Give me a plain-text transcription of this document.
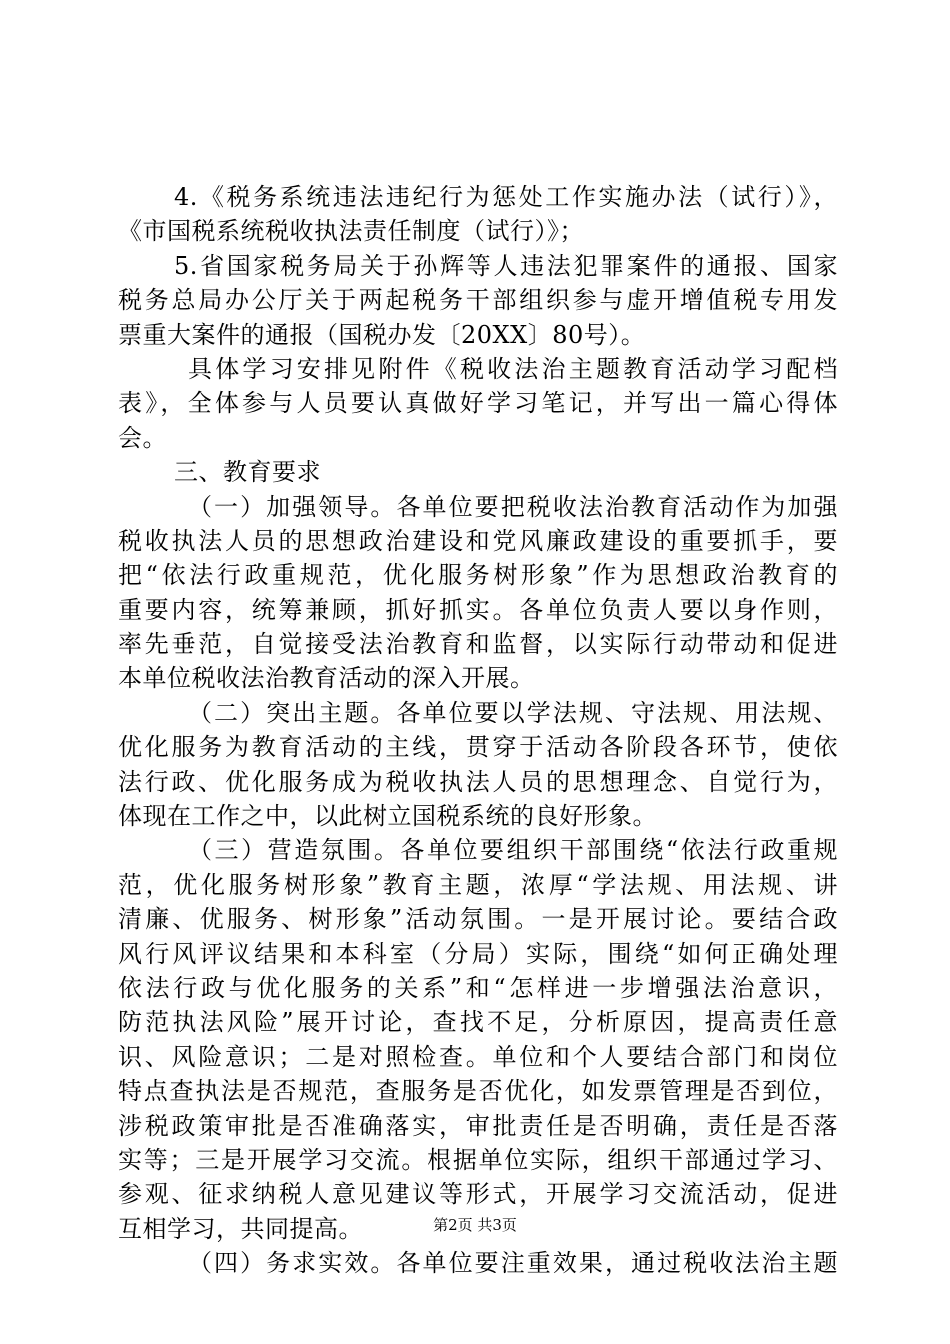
4.《税务系统违法违纪行为惩处工作实施办法（试行）》，
《市国税系统税收执法责任制度（试行）》；
5.省国家税务局关于孙辉等人违法犯罪案件的通报、国家
税务总局办公厅关于两起税务干部组织参与虚开增值税专用发
票重大案件的通报（国税办发〔20XX〕80号）。
具体学习安排见附件《税收法治主题教育活动学习配档
表》，全体参与人员要认真做好学习笔记，并写出一篇心得体
会。
三、教育要求
（一）加强领导。各单位要把税收法治教育活动作为加强
税收执法人员的思想政治建设和党风廉政建设的重要抓手，要
把“依法行政重规范，优化服务树形象”作为思想政治教育的
重要内容，统筹兼顾，抓好抓实。各单位负责人要以身作则，
率先垂范，自觉接受法治教育和监督，以实际行动带动和促进
本单位税收法治教育活动的深入开展。
（二）突出主题。各单位要以学法规、守法规、用法规、
优化服务为教育活动的主线，贯穿于活动各阶段各环节，使依
法行政、优化服务成为税收执法人员的思想理念、自觉行为，
体现在工作之中，以此树立国税系统的良好形象。
（三）营造氛围。各单位要组织干部围绕“依法行政重规
范，优化服务树形象”教育主题，浓厚“学法规、用法规、讲
清廉、优服务、树形象”活动氛围。一是开展讨论。要结合政
风行风评议结果和本科室（分局）实际，围绕“如何正确处理
依法行政与优化服务的关系”和“怎样进一步增强法治意识，
防范执法风险”展开讨论，查找不足，分析原因，提高责任意
识、风险意识；二是对照检查。单位和个人要结合部门和岗位
特点查执法是否规范，查服务是否优化，如发票管理是否到位，
涉税政策审批是否准确落实，审批责任是否明确，责任是否落
实等；三是开展学习交流。根据单位实际，组织干部通过学习、
参观、征求纳税人意见建议等形式，开展学习交流活动，促进
互相学习，共同提高。
（四）务求实效。各单位要注重效果，通过税收法治主题
第2页 共3页
